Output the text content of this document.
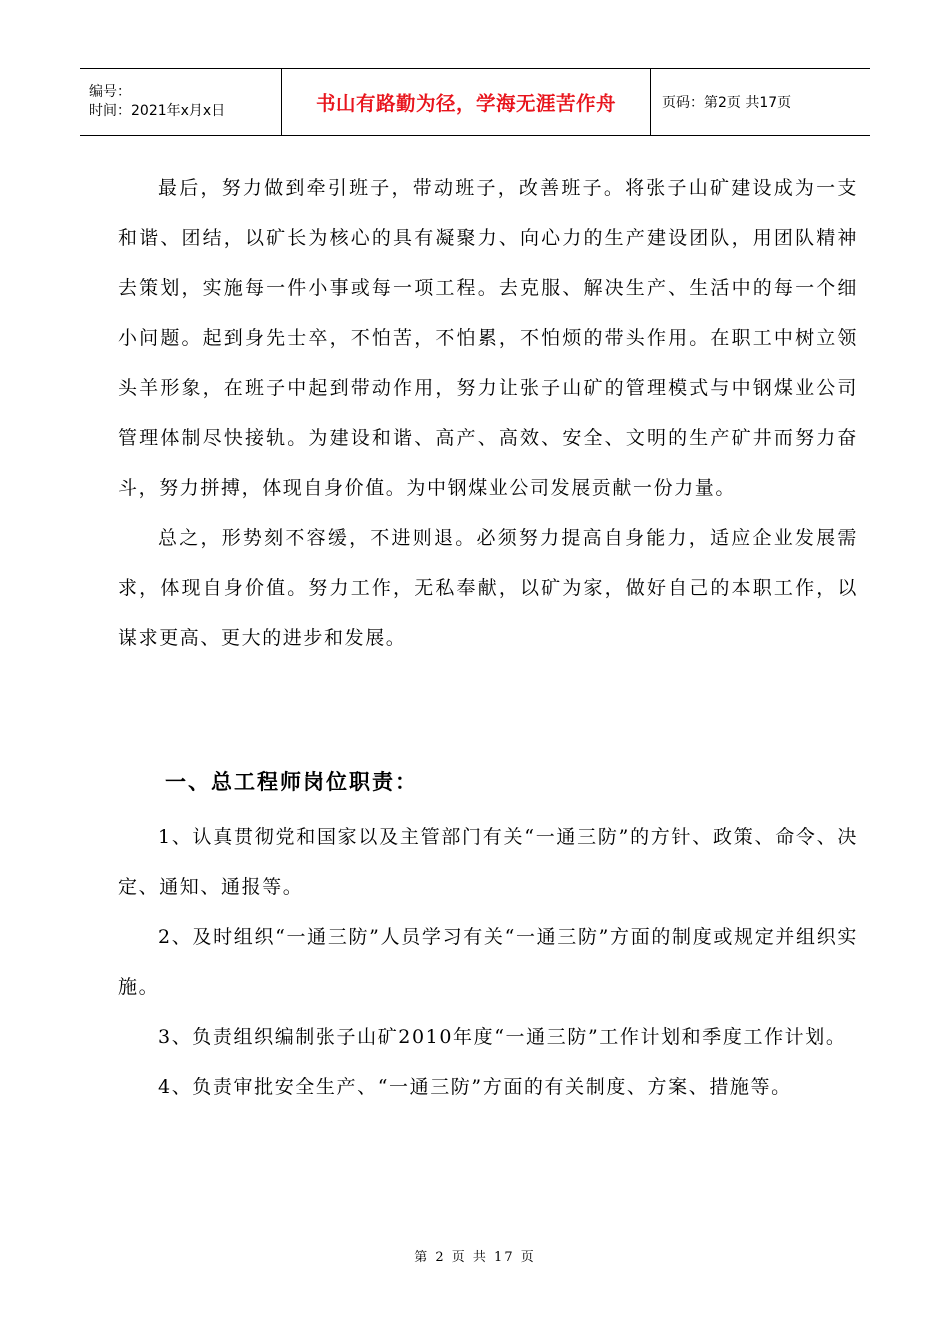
编号：
时间：2021年x月x日	书山有路勤为径，学海无涯苦作舟	页码：第2页 共17页

最后，努力做到牵引班子，带动班子，改善班子。将张子山矿建设成为一支和谐、团结，以矿长为核心的具有凝聚力、向心力的生产建设团队，用团队精神去策划，实施每一件小事或每一项工程。去克服、解决生产、生活中的每一个细小问题。起到身先士卒，不怕苦，不怕累，不怕烦的带头作用。在职工中树立领头羊形象，在班子中起到带动作用，努力让张子山矿的管理模式与中钢煤业公司管理体制尽快接轨。为建设和谐、高产、高效、安全、文明的生产矿井而努力奋斗，努力拼搏，体现自身价值。为中钢煤业公司发展贡献一份力量。

总之，形势刻不容缓，不进则退。必须努力提高自身能力，适应企业发展需求，体现自身价值。努力工作，无私奉献，以矿为家，做好自己的本职工作，以谋求更高、更大的进步和发展。

一、总工程师岗位职责：

1、认真贯彻党和国家以及主管部门有关“一通三防”的方针、政策、命令、决定、通知、通报等。

2、及时组织“一通三防”人员学习有关“一通三防”方面的制度或规定并组织实施。

3、负责组织编制张子山矿2010年度“一通三防”工作计划和季度工作计划。

4、负责审批安全生产、“一通三防”方面的有关制度、方案、措施等。

第 2 页 共 17 页
